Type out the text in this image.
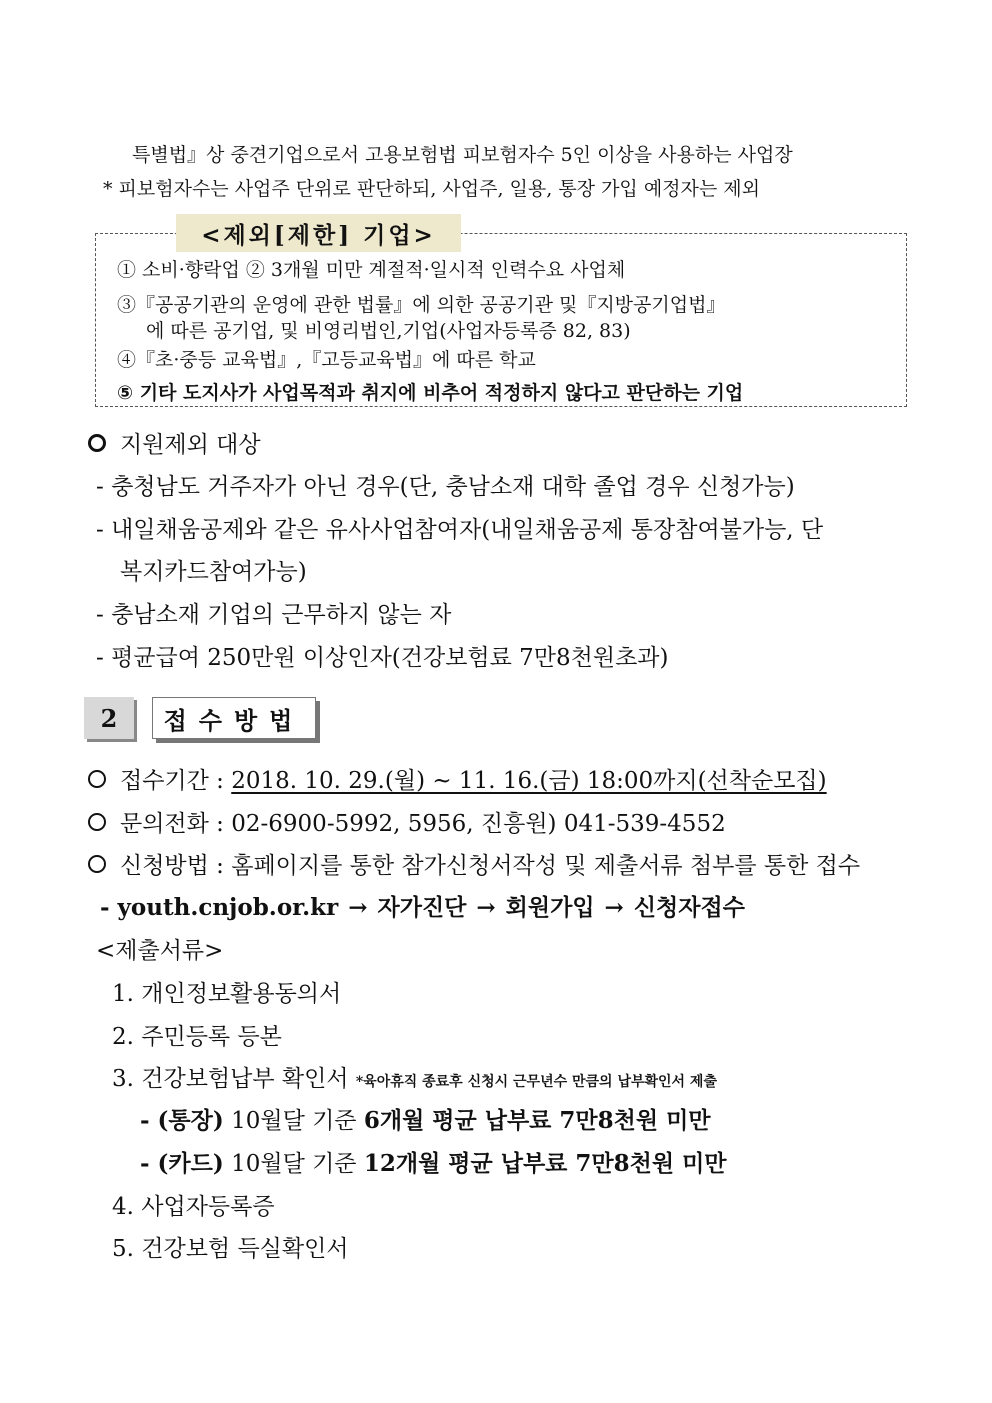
특별법』상 중견기업으로서 고용보험법 피보험자수 5인 이상을 사용하는 사업장
* 피보험자수는 사업주 단위로 판단하되, 사업주, 일용, 통장 가입 예정자는 제외
<제외[제한] 기업>
① 소비·향락업 ② 3개월 미만 계절적·일시적 인력수요 사업체
③『공공기관의 운영에 관한 법률』에 의한 공공기관 및『지방공기업법』
에 따른 공기업, 및 비영리법인,기업(사업자등록증 82, 83)
④『초·중등 교육법』,『고등교육법』에 따른 학교
⑤ 기타 도지사가 사업목적과 취지에 비추어 적정하지 않다고 판단하는 기업
지원제외 대상
- 충청남도 거주자가 아닌 경우(단, 충남소재 대학 졸업 경우 신청가능)
- 내일채움공제와 같은 유사사업참여자(내일채움공제 통장참여불가능, 단
복지카드참여가능)
- 충남소재 기업의 근무하지 않는 자
- 평균급여 250만원 이상인자(건강보험료 7만8천원초과)
2	접수방법
접수기간 : 2018. 10. 29.(월) ~ 11. 16.(금) 18:00까지(선착순모집)
문의전화 : 02-6900-5992, 5956, 진흥원) 041-539-4552
신청방법 : 홈페이지를 통한 참가신청서작성 및 제출서류 첨부를 통한 접수
- youth.cnjob.or.kr → 자가진단 → 회원가입 → 신청자접수
<제출서류>
1. 개인정보활용동의서
2. 주민등록 등본
3. 건강보험납부 확인서 *육아휴직 종료후 신청시 근무년수 만큼의 납부확인서 제출
- (통장) 10월달 기준 6개월 평균 납부료 7만8천원 미만
- (카드) 10월달 기준 12개월 평균 납부료 7만8천원 미만
4. 사업자등록증
5. 건강보험 득실확인서
